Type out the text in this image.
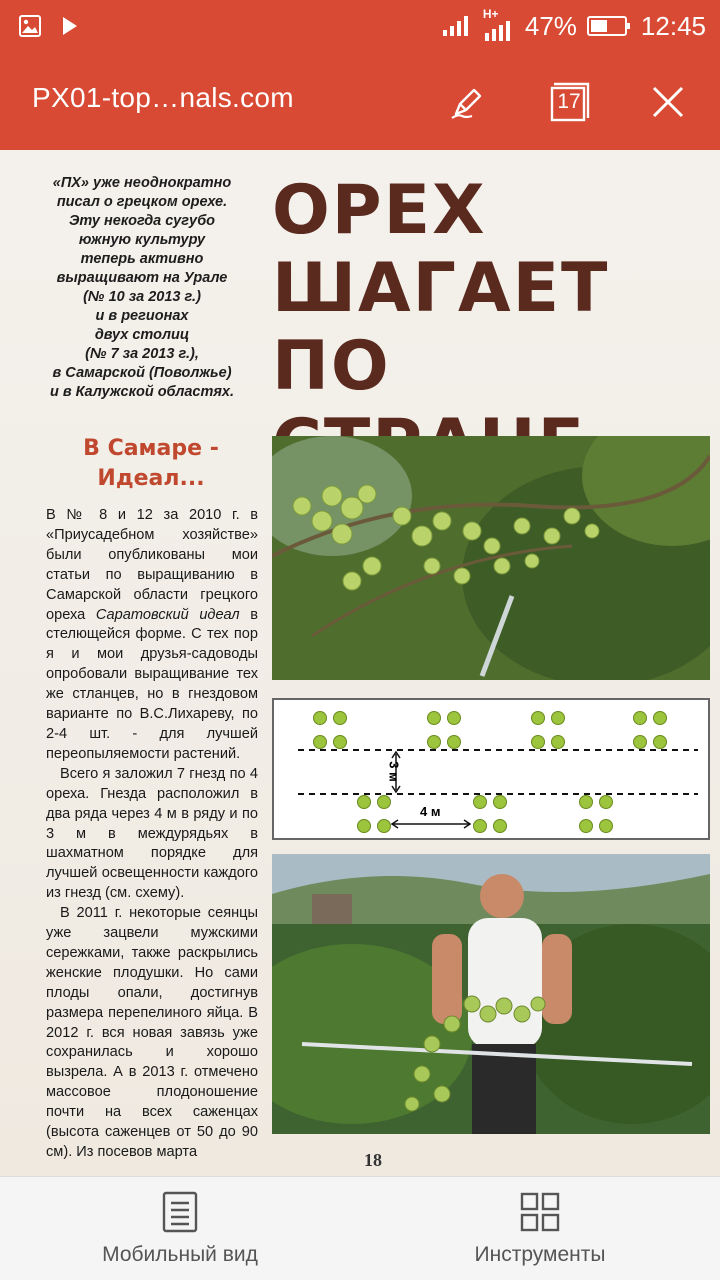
H+ 47% 12:45
PX01-top…nals.com	17
«ПХ» уже неоднократно
писал о грецком орехе.
Эту некогда сугубо
южную культуру
теперь активно
выращивают на Урале
(№ 10 за 2013 г.)
и в регионах
двух столиц
(№ 7 за 2013 г.),
в Самарской (Поволжье)
и в Калужской областях.
ОРЕХ
ШАГАЕТ
ПО
В Самаре -
Идеал...

В № 8 и 12 за 2010 г. в «Приусадебном хозяйстве» были опубликованы мои статьи по выращиванию в Самарской области грецкого ореха Саратовский идеал в стелющейся форме. С тех пор я и мои друзья-садоводы опробовали выращивание тех же стланцев, но в гнездовом варианте по В.С.Лихареву, по 2-4 шт. - для лучшей переопыляемости растений.

Всего я заложил 7 гнезд по 4 ореха. Гнезда расположил в два ряда через 4 м в ряду и по 3 м в междурядьях в шахматном порядке для лучшей освещенности каждого из гнезд (см. схему).

В 2011 г. некоторые сеянцы уже зацвели мужскими сережками, также раскрылись женские плодушки. Но сами плоды опали, достигнув размера перепелиного яйца. В 2012 г. вся новая завязь уже сохранилась и хорошо вызрела. А в 2013 г. отмечено массовое плодоношение почти на всех саженцах (высота саженцев от 50 до 90 см). Из посевов марта

3 м
4 м
18
Мобильный вид	Инструменты
